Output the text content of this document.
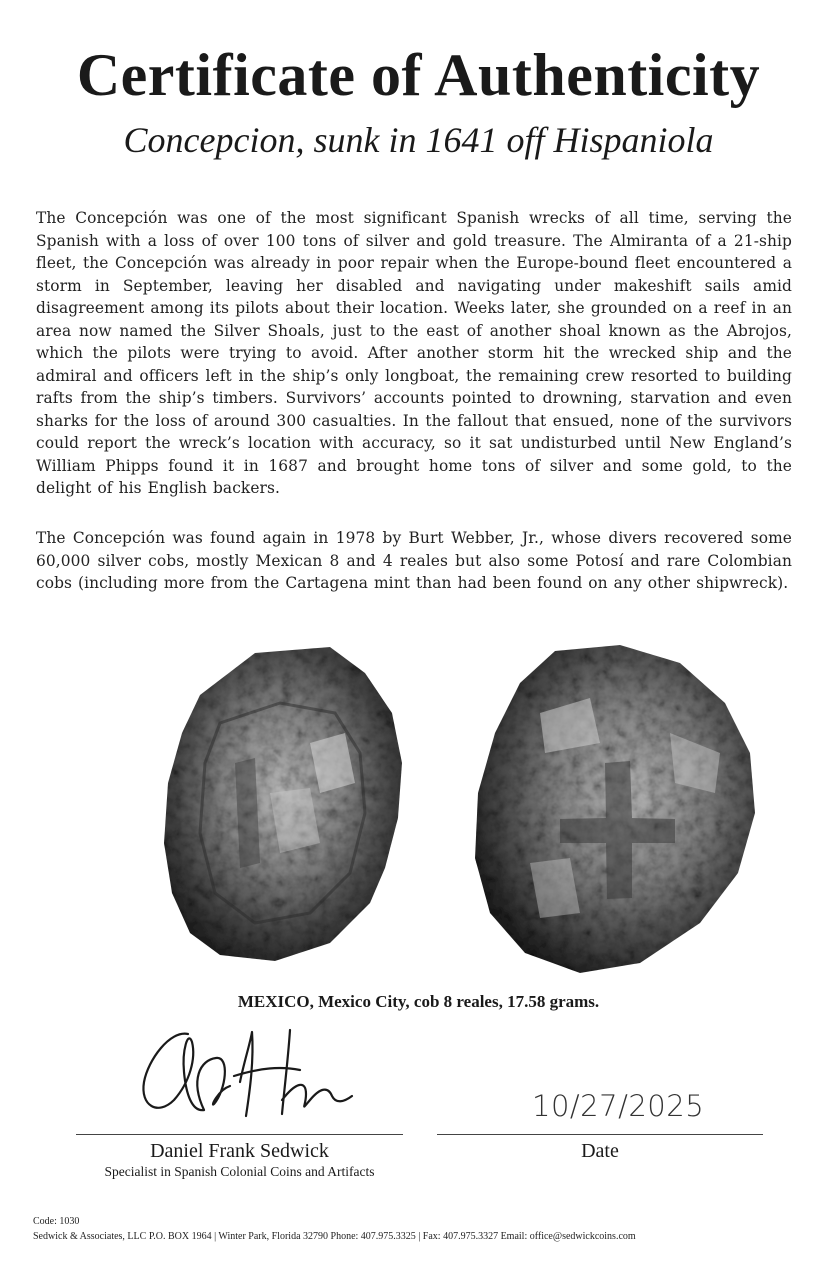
Certificate of Authenticity
Concepcion, sunk in 1641 off Hispaniola
The Concepción was one of the most significant Spanish wrecks of all time, serving the Spanish with a loss of over 100 tons of silver and gold treasure. The Almiranta of a 21-ship fleet, the Concepción was already in poor repair when the Europe-bound fleet encountered a storm in September, leaving her disabled and navigating under makeshift sails amid disagreement among its pilots about their location. Weeks later, she grounded on a reef in an area now named the Silver Shoals, just to the east of another shoal known as the Abrojos, which the pilots were trying to avoid. After another storm hit the wrecked ship and the admiral and officers left in the ship’s only longboat, the remaining crew resorted to building rafts from the ship’s timbers. Survivors’ accounts pointed to drowning, starvation and even sharks for the loss of around 300 casualties. In the fallout that ensued, none of the survivors could report the wreck’s location with accuracy, so it sat undisturbed until New England’s William Phipps found it in 1687 and brought home tons of silver and some gold, to the delight of his English backers.
The Concepción was found again in 1978 by Burt Webber, Jr., whose divers recovered some 60,000 silver cobs, mostly Mexican 8 and 4 reales but also some Potosí and rare Colombian cobs (including more from the Cartagena mint than had been found on any other shipwreck).
MEXICO, Mexico City, cob 8 reales, 17.58 grams.
10/27/2025
Daniel Frank Sedwick
Specialist in Spanish Colonial Coins and Artifacts
Date
Code: 1030
Sedwick & Associates, LLC P.O. BOX 1964 | Winter Park, Florida 32790 Phone: 407.975.3325 | Fax: 407.975.3327 Email: office@sedwickcoins.com
